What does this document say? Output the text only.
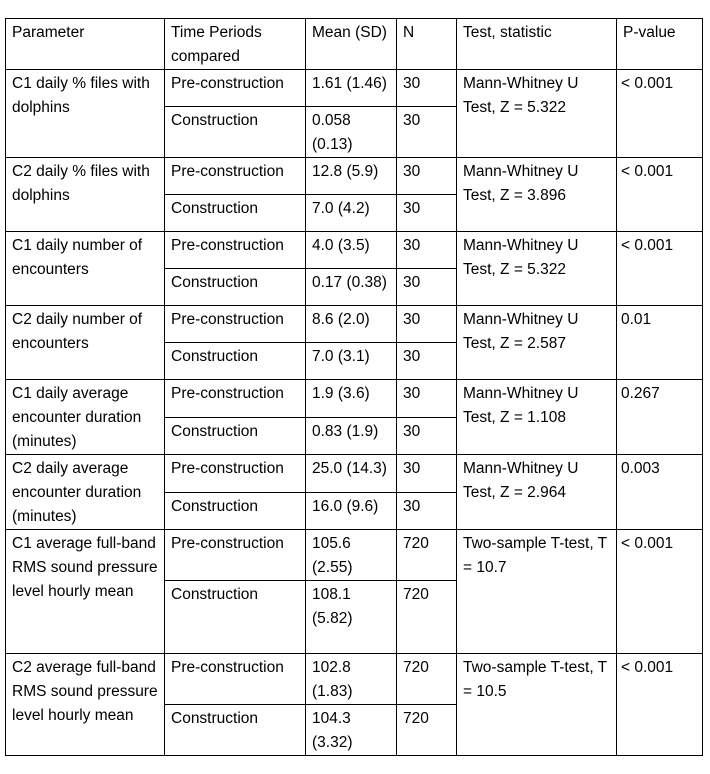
Parameter	Time Periods compared	Mean (SD)	N	Test, statistic	P-value
C1 daily % files with dolphins	Pre-construction	1.61 (1.46)	30	Mann-Whitney U Test, Z = 5.322	< 0.001
	Construction	0.058 (0.13)	30		
C2 daily % files with dolphins	Pre-construction	12.8 (5.9)	30	Mann-Whitney U Test, Z = 3.896	< 0.001
	Construction	7.0 (4.2)	30		
C1 daily number of encounters	Pre-construction	4.0 (3.5)	30	Mann-Whitney U Test, Z = 5.322	< 0.001
	Construction	0.17 (0.38)	30		
C2 daily number of encounters	Pre-construction	8.6 (2.0)	30	Mann-Whitney U Test, Z = 2.587	0.01
	Construction	7.0 (3.1)	30		
C1 daily average encounter duration (minutes)	Pre-construction	1.9 (3.6)	30	Mann-Whitney U Test, Z = 1.108	0.267
	Construction	0.83 (1.9)	30		
C2 daily average encounter duration (minutes)	Pre-construction	25.0 (14.3)	30	Mann-Whitney U Test, Z = 2.964	0.003
	Construction	16.0 (9.6)	30		
C1 average full-band RMS sound pressure level hourly mean	Pre-construction	105.6 (2.55)	720	Two-sample T-test, T = 10.7	< 0.001
	Construction	108.1 (5.82)	720		
C2 average full-band RMS sound pressure level hourly mean	Pre-construction	102.8 (1.83)	720	Two-sample T-test, T = 10.5	< 0.001
	Construction	104.3 (3.32)	720		
